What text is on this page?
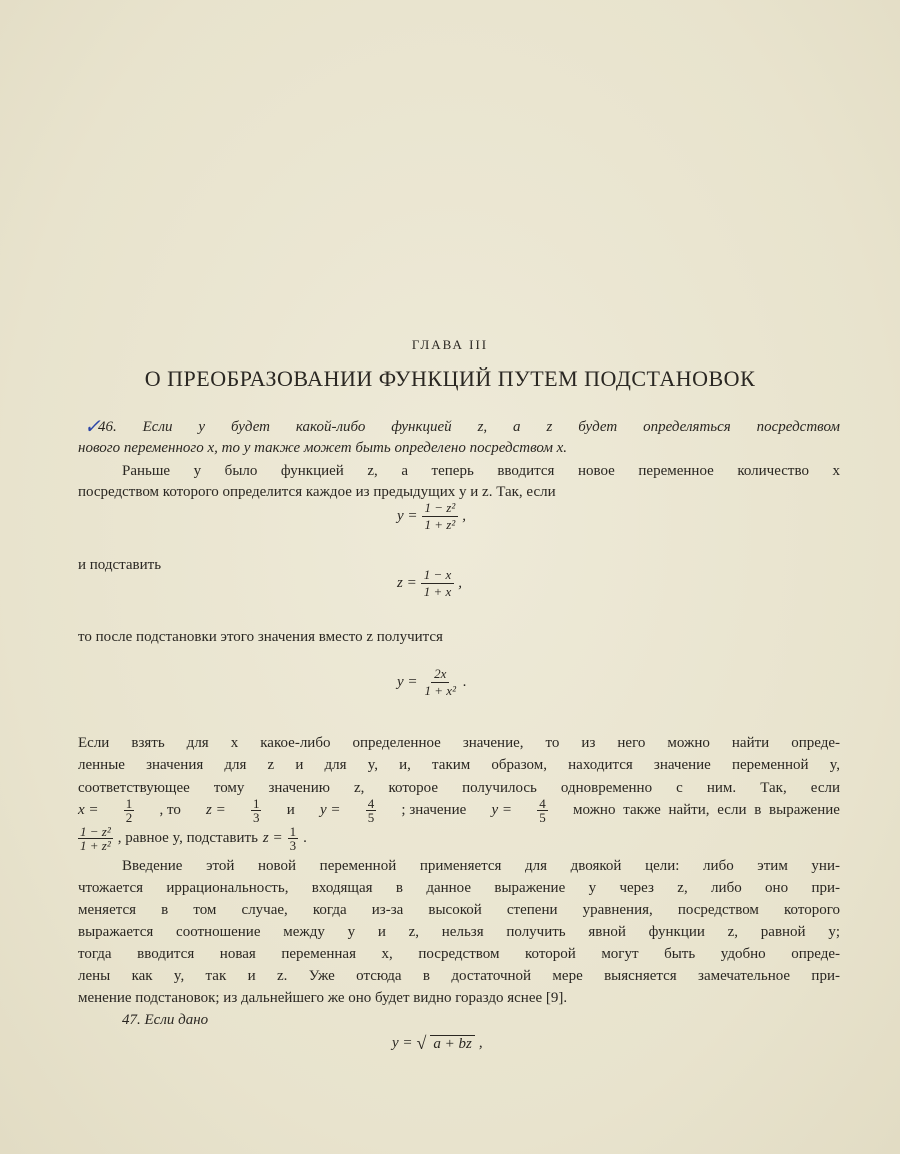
ГЛАВА III
О ПРЕОБРАЗОВАНИИ ФУНКЦИЙ ПУТЕМ ПОДСТАНОВОК
✓
46. Если y будет какой-либо функцией z, а z будет определяться посредством
нового переменного x, то y также может быть определено посредством x.
Раньше y было функцией z, а теперь вводится новое переменное количество x
посредством которого определится каждое из предыдущих y и z. Так, если
$y = \frac{\text{1 − z²}}{\text{1 + z²}}$ ,
и подставить
$z = \frac{1 - x}{1 + x}$ ,
то после подстановки этого значения вместо z получится
$y = \frac{2x}{\text{1 + x²}}$ .
Если взять для x какое-либо определенное значение, то из него можно найти опреде-
ленные значения для z и для y, и, таким образом, находится значение переменной y,
соответствующее тому значению z, которое получилось одновременно с ним. Так, если
$x = \frac{1}{2}$ , то $z = \frac{1}{3}$ и $y = \frac{4}{5}$ ; значение $y = \frac{4}{5}$ можно также найти, если в выражение
$\frac{\text{1 − z²}}{\text{1 + z²}}$ , равное y, подставить $z = \frac{1}{3}$ .
Введение этой новой переменной применяется для двоякой цели: либо этим уни-
чтожается иррациональность, входящая в данное выражение y через z, либо оно при-
меняется в том случае, когда из-за высокой степени уравнения, посредством которого
выражается соотношение между y и z, нельзя получить явной функции z, равной y;
тогда вводится новая переменная x, посредством которой могут быть удобно опреде-
лены как y, так и z. Уже отсюда в достаточной мере выясняется замечательное при-
менение подстановок; из дальнейшего же оно будет видно гораздо яснее [9].
47. Если дано
y = √ a + bz ,
